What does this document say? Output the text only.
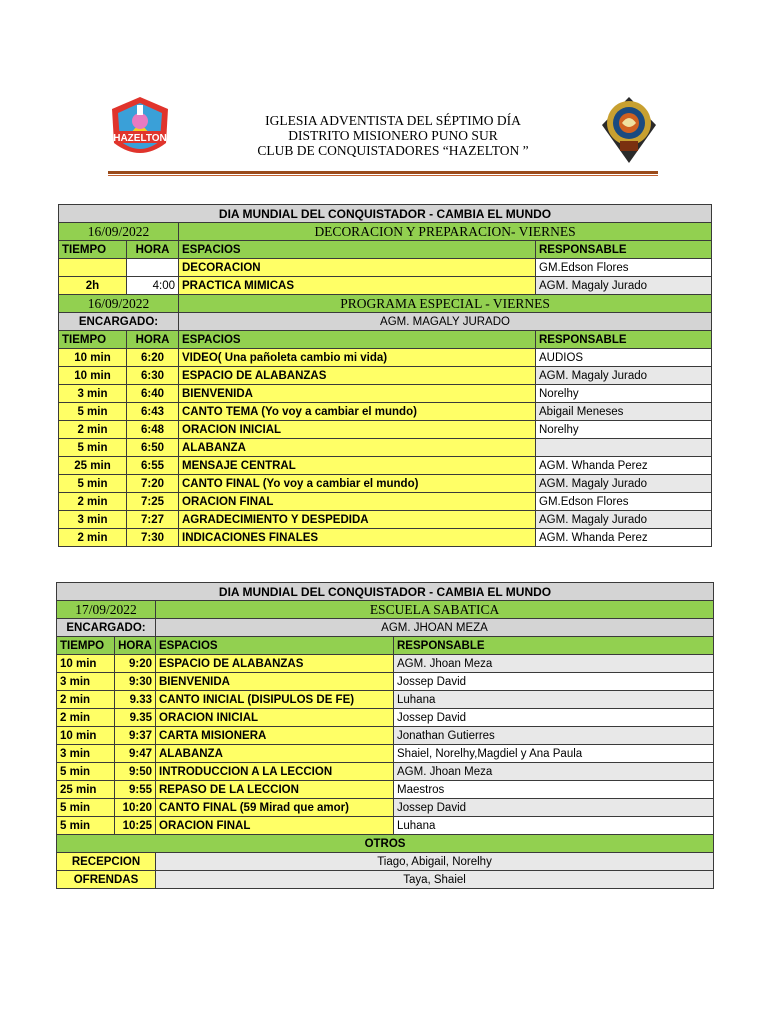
HAZELTON
IGLESIA ADVENTISTA DEL SÉPTIMO DÍA
DISTRITO MISIONERO PUNO SUR
CLUB DE CONQUISTADORES “HAZELTON ”
DIA MUNDIAL DEL CONQUISTADOR - CAMBIA EL MUNDO			
16/09/2022		DECORACION Y PREPARACION- VIERNES	
TIEMPO	HORA	ESPACIOS	RESPONSABLE
		DECORACION	GM.Edson Flores
2h	4:00	PRACTICA MIMICAS	AGM. Magaly Jurado
16/09/2022		PROGRAMA ESPECIAL - VIERNES	
ENCARGADO:		AGM. MAGALY JURADO	
TIEMPO	HORA	ESPACIOS	RESPONSABLE
10 min	6:20	VIDEO( Una pañoleta cambio mi vida)	AUDIOS
10 min	6:30	ESPACIO DE ALABANZAS	AGM. Magaly Jurado
3 min	6:40	BIENVENIDA	Norelhy
5 min	6:43	CANTO TEMA (Yo voy a cambiar el mundo)	Abigail Meneses
2 min	6:48	ORACION INICIAL	Norelhy
5 min	6:50	ALABANZA	
25 min	6:55	MENSAJE CENTRAL	AGM. Whanda Perez
5 min	7:20	CANTO FINAL (Yo voy a cambiar el mundo)	AGM. Magaly Jurado
2 min	7:25	ORACION FINAL	GM.Edson Flores
3 min	7:27	AGRADECIMIENTO Y DESPEDIDA	AGM. Magaly Jurado
2 min	7:30	INDICACIONES FINALES	AGM. Whanda Perez
DIA MUNDIAL DEL CONQUISTADOR - CAMBIA EL MUNDO			
17/09/2022		ESCUELA SABATICA	
ENCARGADO:		AGM. JHOAN MEZA	
TIEMPO	HORA	ESPACIOS	RESPONSABLE
10 min	9:20	ESPACIO DE ALABANZAS	AGM. Jhoan Meza
3 min	9:30	BIENVENIDA	Jossep David
2 min	9.33	CANTO INICIAL (DISIPULOS DE FE)	Luhana
2 min	9.35	ORACION INICIAL	Jossep David
10 min	9:37	CARTA MISIONERA	Jonathan Gutierres
3 min	9:47	ALABANZA	Shaiel, Norelhy,Magdiel y Ana Paula
5 min	9:50	INTRODUCCION A LA LECCION	AGM. Jhoan Meza
25 min	9:55	REPASO DE LA LECCION	Maestros
5 min	10:20	CANTO FINAL (59 Mirad que amor)	Jossep David
5 min	10:25	ORACION FINAL	Luhana
OTROS			
RECEPCION		Tiago, Abigail, Norelhy	
OFRENDAS		Taya, Shaiel	
